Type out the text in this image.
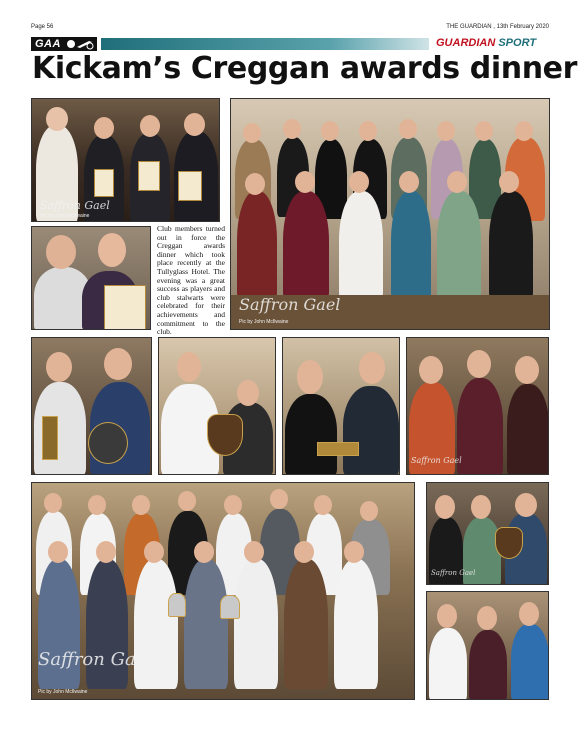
Page 56	THE GUARDIAN , 13th February 2020
GAA	GUARDIAN SPORT
Kickam’s Creggan awards dinner
Saffron Gael
Pic by John McIlwaine
Club members turned out in force the Creggan awards dinner which took place recently at the Tullyglass Hotel. The evening was a great success as players and club stalwarts were celebrated for their achievements and commitment to the club.
Saffron Gael
Pic by John McIlwaine
Saffron Gael
Saffron Gael
Pic by John McIlwaine
Saffron Gael
